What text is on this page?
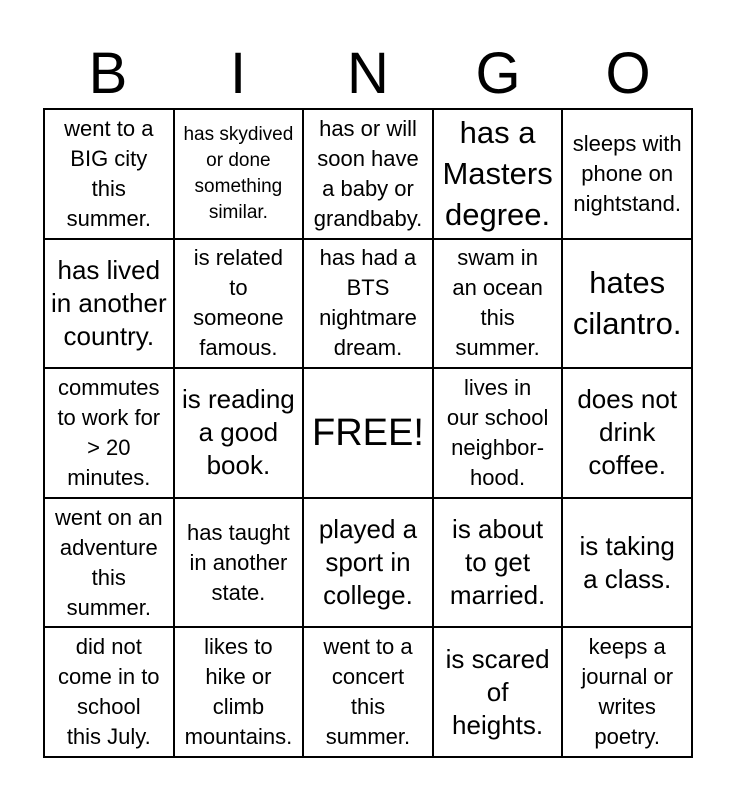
B	I	N	G	O
went to a
BIG city
this
summer.
has skydived
or done
something
similar.
has or will
soon have
a baby or
grandbaby.
has a
Masters
degree.
sleeps with
phone on
nightstand.
has lived
in another
country.
is related
to
someone
famous.
has had a
BTS
nightmare
dream.
swam in
an ocean
this
summer.
hates
cilantro.
commutes
to work for
> 20
minutes.
is reading
a good
book.
FREE!
lives in
our school
neighbor-
hood.
does not
drink
coffee.
went on an
adventure
this
summer.
has taught
in another
state.
played a
sport in
college.
is about
to get
married.
is taking
a class.
did not
come in to
school
this July.
likes to
hike or
climb
mountains.
went to a
concert
this
summer.
is scared
of
heights.
keeps a
journal or
writes
poetry.
